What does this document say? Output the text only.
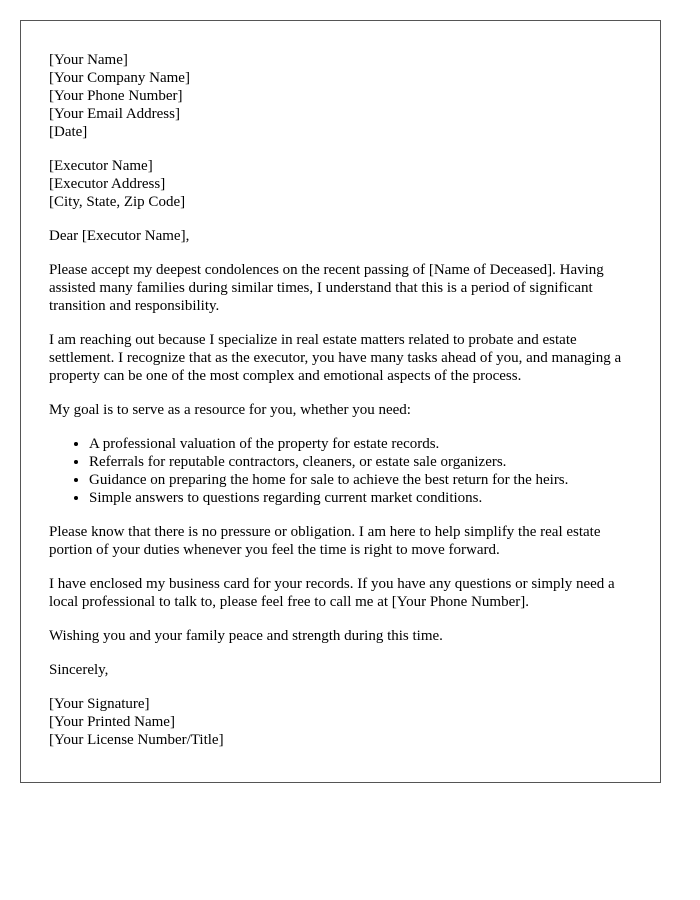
[Your Name]
[Your Company Name]
[Your Phone Number]
[Your Email Address]
[Date]
[Executor Name]
[Executor Address]
[City, State, Zip Code]

Dear [Executor Name],

Please accept my deepest condolences on the recent passing of [Name of Deceased]. Having assisted many families during similar times, I understand that this is a period of significant transition and responsibility.

I am reaching out because I specialize in real estate matters related to probate and estate settlement. I recognize that as the executor, you have many tasks ahead of you, and managing a property can be one of the most complex and emotional aspects of the process.

My goal is to serve as a resource for you, whether you need:

• A professional valuation of the property for estate records.
• Referrals for reputable contractors, cleaners, or estate sale organizers.
• Guidance on preparing the home for sale to achieve the best return for the heirs.
• Simple answers to questions regarding current market conditions.

Please know that there is no pressure or obligation. I am here to help simplify the real estate portion of your duties whenever you feel the time is right to move forward.

I have enclosed my business card for your records. If you have any questions or simply need a local professional to talk to, please feel free to call me at [Your Phone Number].

Wishing you and your family peace and strength during this time.

Sincerely,

[Your Signature]
[Your Printed Name]
[Your License Number/Title]
